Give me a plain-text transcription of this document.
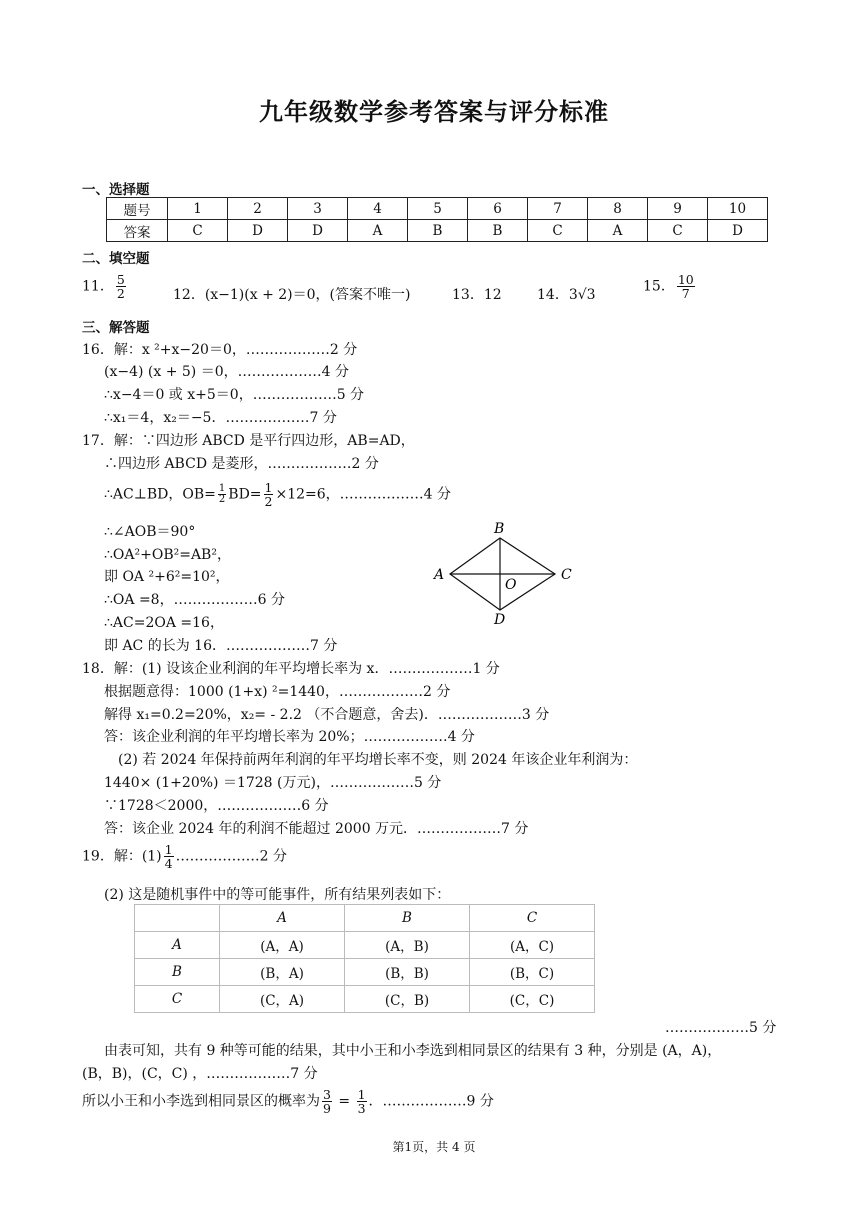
九年级数学参考答案与评分标准
一、选择题
题号	1	2	3	4	5	6	7	8	9	10
答案	C	D	D	A	B	B	C	A	C	D
二、填空题
11． $\frac{5}{2}$	12．(x−1)(x + 2)＝0，(答案不唯一)	13．12	14．3√3
15． $\frac{10}{7}$
三、解答题
16．解：x ²+x−20＝0，………………2 分
(x−4) (x + 5) ＝0，………………4 分
∴x−4＝0 或 x+5＝0，………………5 分
∴x₁＝4，x₂＝−5．………………7 分
17．解：∵四边形 ABCD 是平行四边形，AB=AD，
∴四边形 ABCD 是菱形，………………2 分
∴AC⊥BD，$OB= \frac{1}{2} BD= \frac{1}{2} \times 12=6$，………………4 分
∴∠AOB＝90°
∴OA²+OB²=AB²，
即 OA ²+6²=10²，
∴OA =8，………………6 分
∴AC=2OA =16，
即 AC 的长为 16．………………7 分
A
B
C
D
O
18．解：(1) 设该企业利润的年平均增长率为 x．………………1 分
根据题意得：1000 (1+x) ²=1440，………………2 分
解得 x₁=0.2=20%，x₂= - 2.2 （不合题意，舍去)．………………3 分
答：该企业利润的年平均增长率为 20%；………………4 分
(2) 若 2024 年保持前两年利润的年平均增长率不变，则 2024 年该企业年利润为：
1440× (1+20%) ＝1728 (万元)，………………5 分
∵1728＜2000，………………6 分
答：该企业 2024 年的利润不能超过 2000 万元．………………7 分
19．解：$(1) \frac{1}{4}$ ………………2 分
(2) 这是随机事件中的等可能事件，所有结果列表如下：
	A	B	C
A	(A，A)	(A，B)	(A，C)
B	(B，A)	(B，B)	(B，C)
C	(C，A)	(C，B)	(C，C)
………………5 分
由表可知，共有 9 种等可能的结果，其中小王和小李选到相同景区的结果有 3 种，分别是 (A，A)，
(B，B)，(C，C) ，………………7 分
所以小王和小李选到相同景区的概率为 $\frac{3}{9} = \frac{1}{3}$ ．………………9 分
第1页，共 4 页
